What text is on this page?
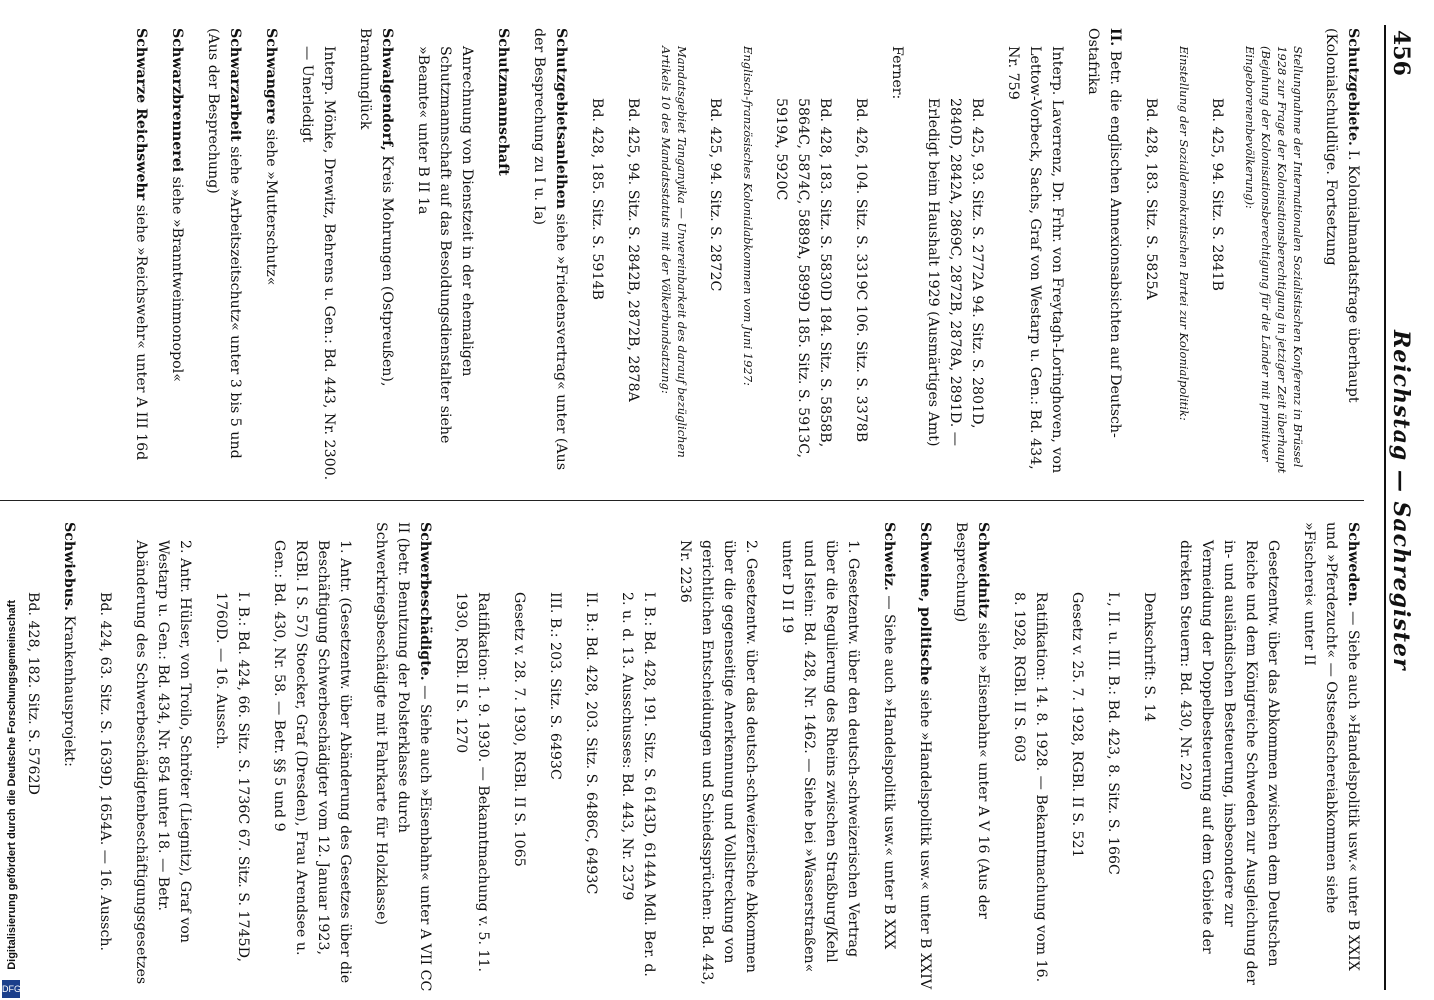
456
Reichstag — Sachregister
Schutzgebiete. I. Kolonialmandatsfrage überhaupt (Kolonialschuldlüge. Fortsetzung
Stellungnahme der Internationalen Sozialistischen Konferenz in Brüssel 1928 zur Frage der Kolonisationsberechtigung in jetziger Zeit überhaupt (Bejahung der Kolonisationsberechtigung für die Länder mit primitiver Eingeborenenbevölkerung):
Bd. 425, 94. Sitz. S. 2841B
Einstellung der Sozialdemokratischen Partei zur Kolonialpolitik:
Bd. 428, 183. Sitz. S. 5825A
II. Betr. die englischen Annexionsabsichten auf Deutsch-Ostafrika
Interp. Laverrenz, Dr. Frhr. von Freytagh-Loringhoven, von Lettow-Vorbeck, Sachs, Graf von Westarp u. Gen.: Bd. 434, Nr. 759
Bd. 425, 93. Sitz. S. 2772A 94. Sitz. S. 2801D, 2840D, 2842A, 2869C, 2872B, 2878A, 2891D. — Erledigt beim Haushalt 1929 (Ausmärtiges Amt)
Ferner:
Bd. 426, 104. Sitz. S. 3319C 106. Sitz. S. 3378B
Bd. 428, 183. Sitz. S. 5830D 184. Sitz. S. 5858B, 5864C, 5874C, 5889A, 5899D 185. Sitz. S. 5913C, 5919A, 5920C
Englisch-französisches Kolonialabkommen vom Juni 1927:
Bd. 425, 94. Sitz. S. 2872C
Mandatsgebiet Tanganyika — Unvereinbarkeit des darauf bezüglichen Artikels 10 des Mandatsstatuts mit der Völkerbundsatzung:
Bd. 425, 94. Sitz. S. 2842B, 2872B, 2878A
Bd. 428, 185. Sitz. S. 5914B
Schutzgebietsanleihen siehe »Friedensvertrag« unter (Aus der Besprechung zu I u. Ia)
Schutzmannschaft
Anrechnung von Dienstzeit in der ehemaligen Schutzmannschaft auf das Besoldungsdienstalter siehe »Beamte« unter B II 1a
Schwalgendorf, Kreis Mohrungen (Ostpreußen), Brandunglück
Interp. Mönke, Drewitz, Behrens u. Gen.: Bd. 443, Nr. 2300. — Unerledigt
Schwangere siehe »Mutterschutz«
Schwarzarbeit siehe »Arbeitszeitschutz« unter 3 bis 5 und (Aus der Besprechung)
Schwarzbrennerei siehe »Branntweinmonopol«
Schwarze Reichswehr siehe »Reichswehr« unter A III 16d
Schweden. — Siehe auch »Handelspolitik usw.« unter B XXIX und »Pferdezucht« — Ostseefischereiabkommen siehe »Fischerei« unter II
Gesetzentw. über das Abkommen zwischen dem Deutschen Reiche und dem Königreiche Schweden zur Ausgleichung der in- und ausländischen Besteuerung, insbesondere zur Vermeidung der Doppelbesteuerung auf dem Gebiete der direkten Steuern: Bd. 430, Nr. 220
Denkschrift: S. 14
I., II. u. III. B.: Bd. 423, 8. Sitz. S. 166C
Gesetz v. 25. 7. 1928, RGBl. II S. 521
Ratifikation: 14. 8. 1928. — Bekanntmachung vom 16. 8. 1928, RGBl. II S. 603
Schweidnitz siehe »Eisenbahn« unter A V 16 (Aus der Besprechung)
Schweine, politische siehe »Handelspolitik usw.« unter B XXIV
Schweiz. — Siehe auch »Handelspolitik usw.« unter B XXX
1. Gesetzentw. über den deutsch-schweizerischen Vertrag über die Regulierung des Rheins zwischen Straßburg/Kehl und Istein: Bd. 428, Nr. 1462. — Siehe bei »Wasserstraßen« unter D II 19
2. Gesetzentw. über das deutsch-schweizerische Abkommen über die gegenseitige Anerkennung und Vollstreckung von gerichtlichen Entscheidungen und Schiedssprüchen: Bd. 443, Nr. 2236
I. B.: Bd. 428, 191. Sitz. S. 6143D, 6144A Mdl. Ber. d. 2. u. d. 13. Ausschusses: Bd. 443, Nr. 2379
II. B.: Bd. 428, 203. Sitz. S. 6486C, 6493C
III. B.: 203. Sitz. S. 6493C
Gesetz v. 28. 7. 1930, RGBl. II S. 1065
Ratifikation: 1. 9. 1930. — Bekanntmachung v. 5. 11. 1930, RGBl. II S. 1270
Schwerbeschädigte. — Siehe auch »Eisenbahn« unter A VII CC II (betr. Benutzung der Polsterklasse durch Schwerkriegsbeschädigte mit Fahrkarte für Holzklasse)
1. Antr. (Gesetzentw. über Abänderung des Gesetzes über die Beschäftigung Schwerbeschädigter vom 12. Januar 1923, RGBl. I S. 57) Stoecker, Graf (Dresden), Frau Arendsee u. Gen.: Bd. 430, Nr. 58. — Betr. §§ 5 und 9
I. B.: Bd. 424, 66. Sitz. S. 1736C 67. Sitz. S. 1745D, 1760D. — 16. Aussch.
2. Antr. Hülser, von Troilo, Schröter (Liegnitz), Graf von Westarp u. Gen.: Bd. 434, Nr. 854 unter 18. — Betr. Abänderung des Schwerbeschädigtenbeschäftigungsgesetzes
Bd. 424, 63. Sitz. S. 1639D, 1654A. — 16. Aussch.
Schwiebus. Krankenhausprojekt:
Bd. 428, 182. Sitz. S. 5762D
Digitalisierung gefördert durch die Deutsche Forschungsgemeinschaft
DFG
